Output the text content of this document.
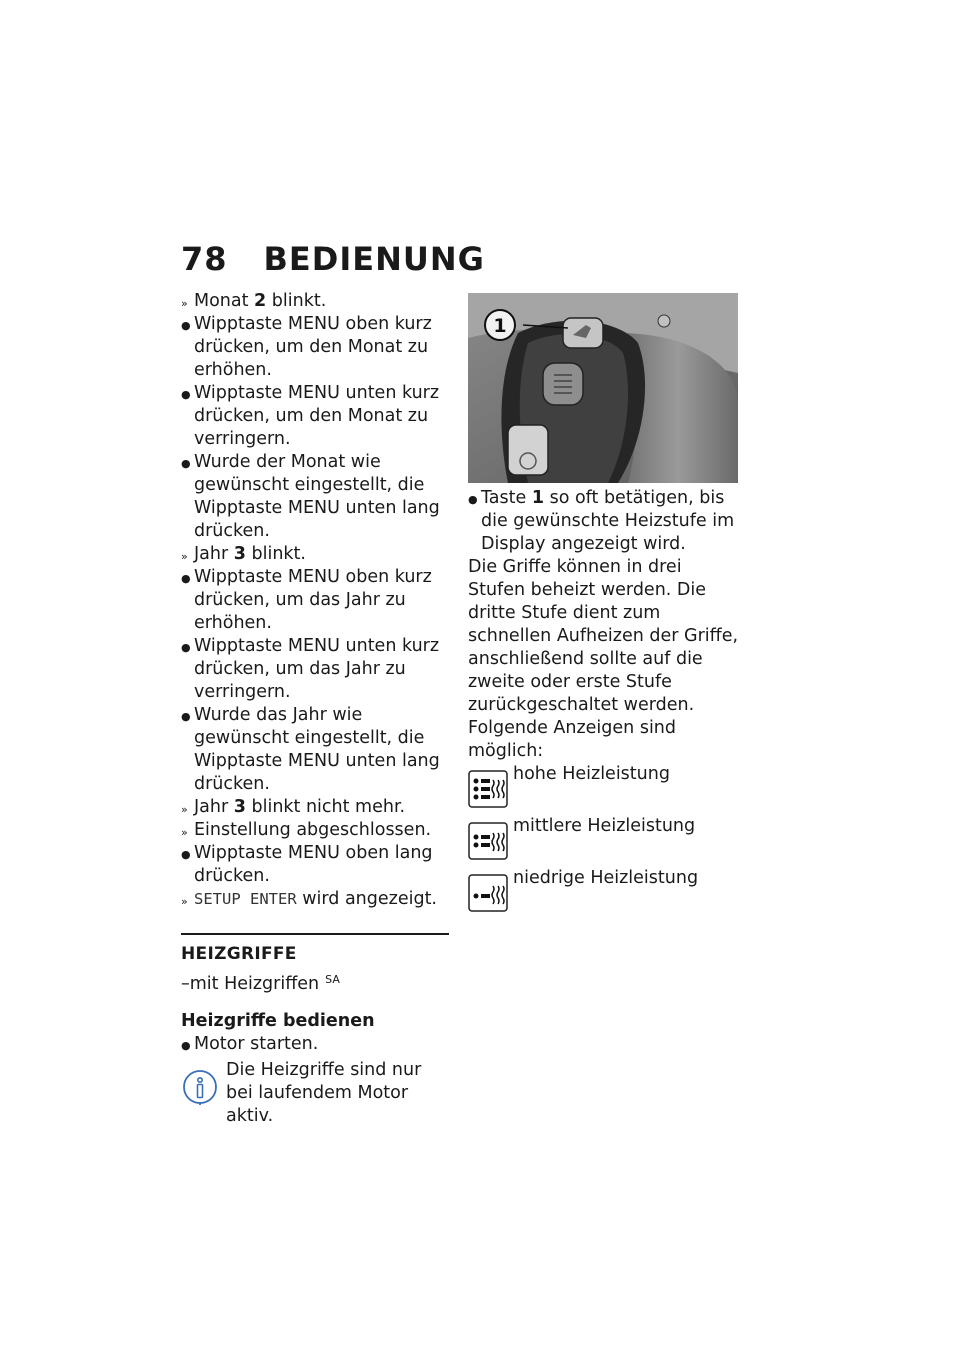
78 BEDIENUNG

» Monat 2 blinkt.

● Wipptaste MENU oben kurz drücken, um den Monat zu erhöhen.

● Wipptaste MENU unten kurz drücken, um den Monat zu verringern.

● Wurde der Monat wie gewünscht eingestellt, die Wipptaste MENU unten lang drücken.

» Jahr 3 blinkt.

● Wipptaste MENU oben kurz drücken, um das Jahr zu erhöhen.

● Wipptaste MENU unten kurz drücken, um das Jahr zu verringern.

● Wurde das Jahr wie gewünscht eingestellt, die Wipptaste MENU unten lang drücken.

» Jahr 3 blinkt nicht mehr.

» Einstellung abgeschlossen.

● Wipptaste MENU oben lang drücken.

» SETUP ENTER wird angezeigt.

HEIZGRIFFE

–mit Heizgriffen $^{SA}$

Heizgriffe bedienen

● Motor starten.

Die Heizgriffe sind nur bei laufendem Motor aktiv.
1

● Taste 1 so oft betätigen, bis die gewünschte Heizstufe im Display angezeigt wird.

Die Griffe können in drei Stufen beheizt werden. Die dritte Stufe dient zum schnellen Aufheizen der Griffe, anschließend sollte auf die zweite oder erste Stufe zurückgeschaltet werden. Folgende Anzeigen sind möglich:

hohe Heizleistung
mittlere Heizleistung
niedrige Heizleistung
